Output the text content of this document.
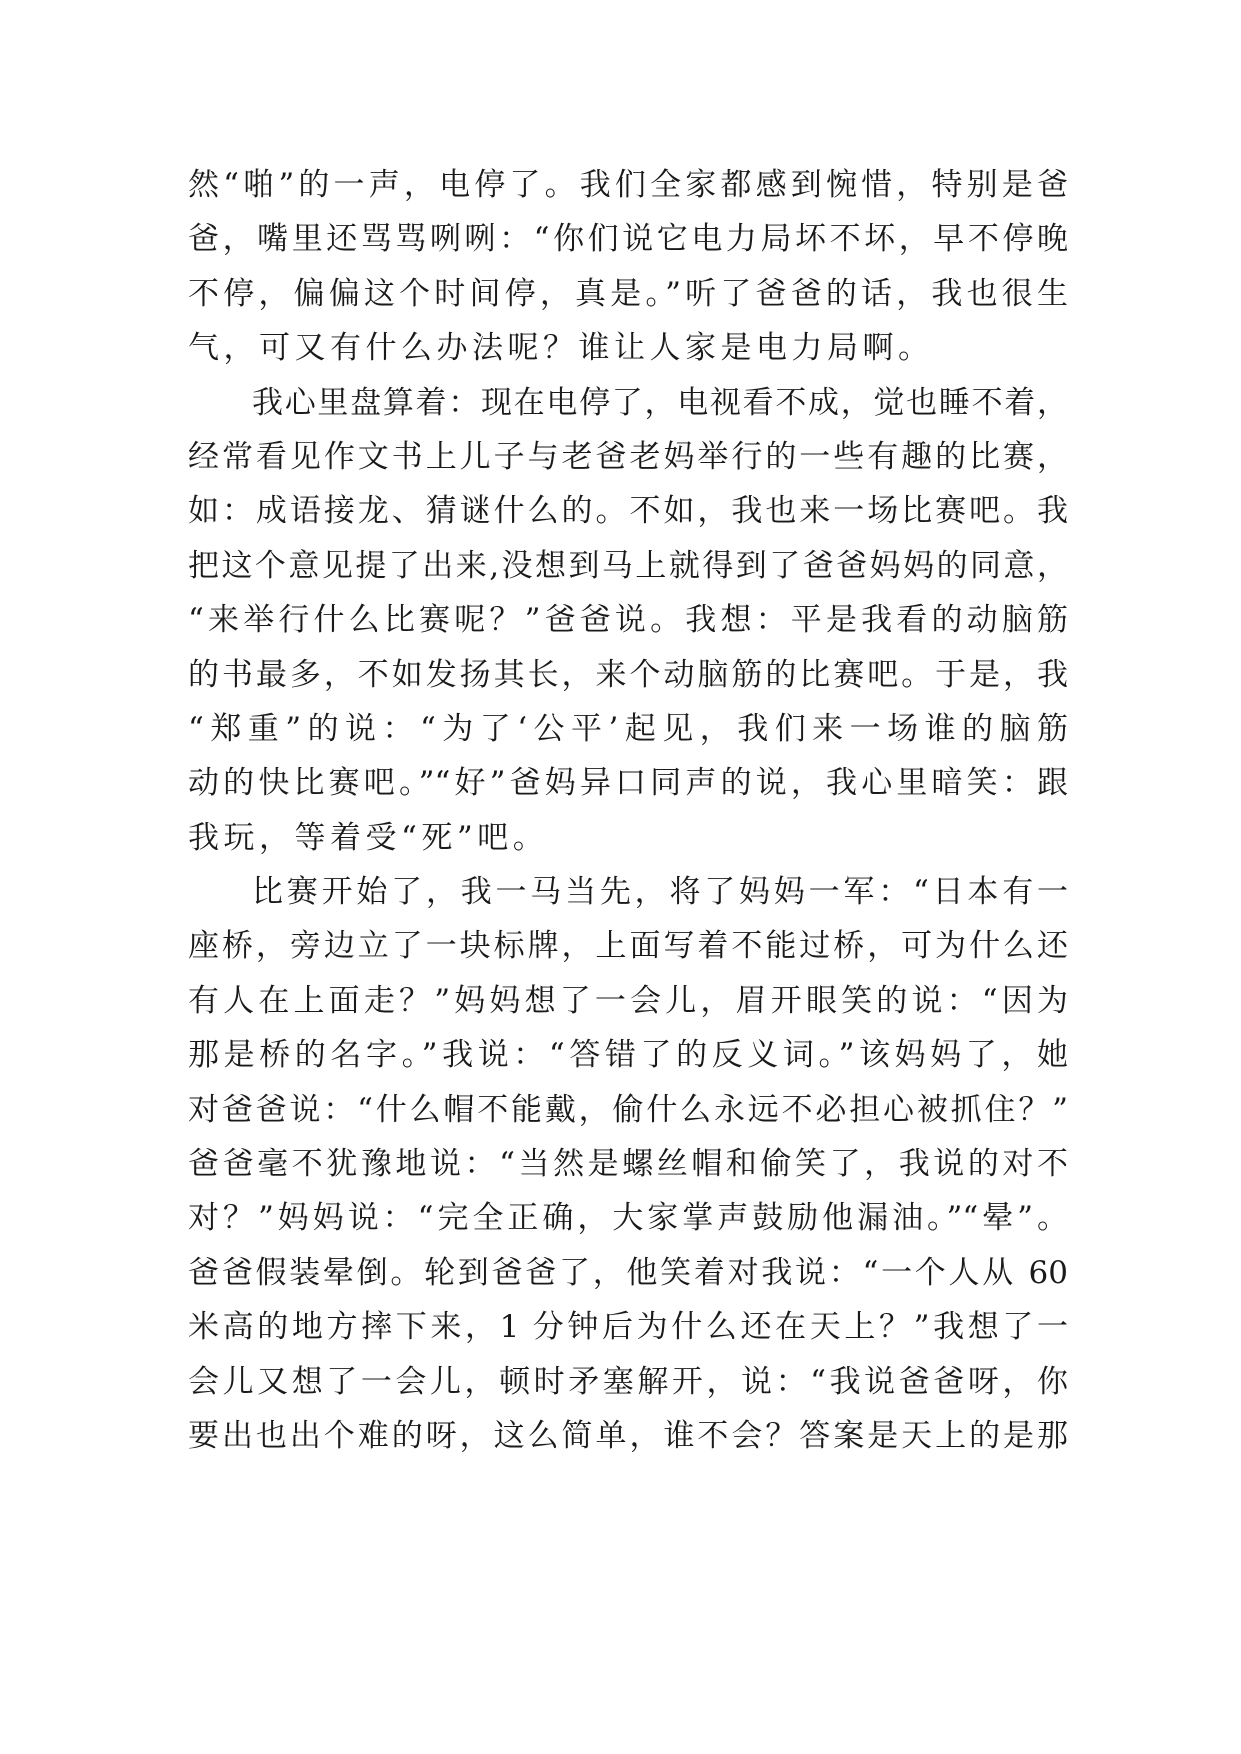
然“啪”的一声，电停了。我们全家都感到惋惜，特别是爸
爸，嘴里还骂骂咧咧：“你们说它电力局坏不坏，早不停晚
不停，偏偏这个时间停，真是。”听了爸爸的话，我也很生
气，可又有什么办法呢？谁让人家是电力局啊。
我心里盘算着：现在电停了，电视看不成，觉也睡不着，
经常看见作文书上儿子与老爸老妈举行的一些有趣的比赛，
如：成语接龙、猜谜什么的。不如，我也来一场比赛吧。我
把这个意见提了出来,没想到马上就得到了爸爸妈妈的同意，
“来举行什么比赛呢？”爸爸说。我想：平是我看的动脑筋
的书最多，不如发扬其长，来个动脑筋的比赛吧。于是，我
“郑重”的说：“为了‘公平’起见，我们来一场谁的脑筋
动的快比赛吧。”“好”爸妈异口同声的说，我心里暗笑：跟
我玩，等着受“死”吧。
比赛开始了，我一马当先，将了妈妈一军：“日本有一
座桥，旁边立了一块标牌，上面写着不能过桥，可为什么还
有人在上面走？”妈妈想了一会儿，眉开眼笑的说：“因为
那是桥的名字。”我说：“答错了的反义词。”该妈妈了，她
对爸爸说：“什么帽不能戴，偷什么永远不必担心被抓住？”
爸爸毫不犹豫地说：“当然是螺丝帽和偷笑了，我说的对不
对？”妈妈说：“完全正确，大家掌声鼓励他漏油。”“晕”。
爸爸假装晕倒。轮到爸爸了，他笑着对我说：“一个人从 60
米高的地方摔下来，1 分钟后为什么还在天上？”我想了一
会儿又想了一会儿，顿时矛塞解开，说：“我说爸爸呀，你
要出也出个难的呀，这么简单，谁不会？答案是天上的是那
